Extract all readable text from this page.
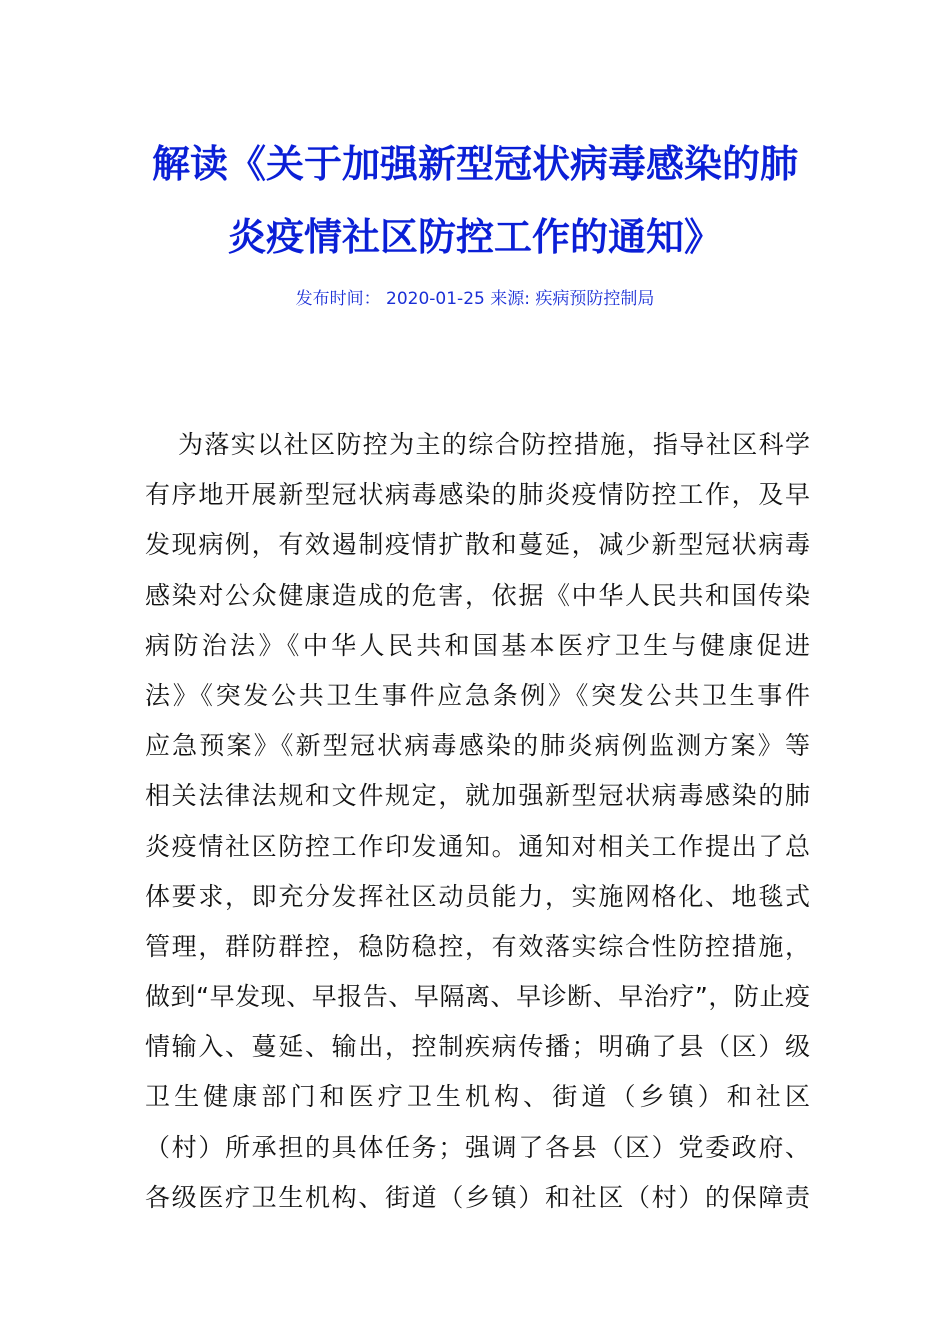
解读《关于加强新型冠状病毒感染的肺
炎疫情社区防控工作的通知》
发布时间： 2020-01-25 来源: 疾病预防控制局
为落实以社区防控为主的综合防控措施，指导社区科学
有序地开展新型冠状病毒感染的肺炎疫情防控工作，及早
发现病例，有效遏制疫情扩散和蔓延，减少新型冠状病毒
感染对公众健康造成的危害，依据《中华人民共和国传染
病防治法》《中华人民共和国基本医疗卫生与健康促进
法》《突发公共卫生事件应急条例》《突发公共卫生事件
应急预案》《新型冠状病毒感染的肺炎病例监测方案》等
相关法律法规和文件规定，就加强新型冠状病毒感染的肺
炎疫情社区防控工作印发通知。通知对相关工作提出了总
体要求，即充分发挥社区动员能力，实施网格化、地毯式
管理，群防群控，稳防稳控，有效落实综合性防控措施，
做到“早发现、早报告、早隔离、早诊断、早治疗”，防止疫
情输入、蔓延、输出，控制疾病传播；明确了县（区）级
卫生健康部门和医疗卫生机构、街道（乡镇）和社区
（村）所承担的具体任务；强调了各县（区）党委政府、
各级医疗卫生机构、街道（乡镇）和社区（村）的保障责
